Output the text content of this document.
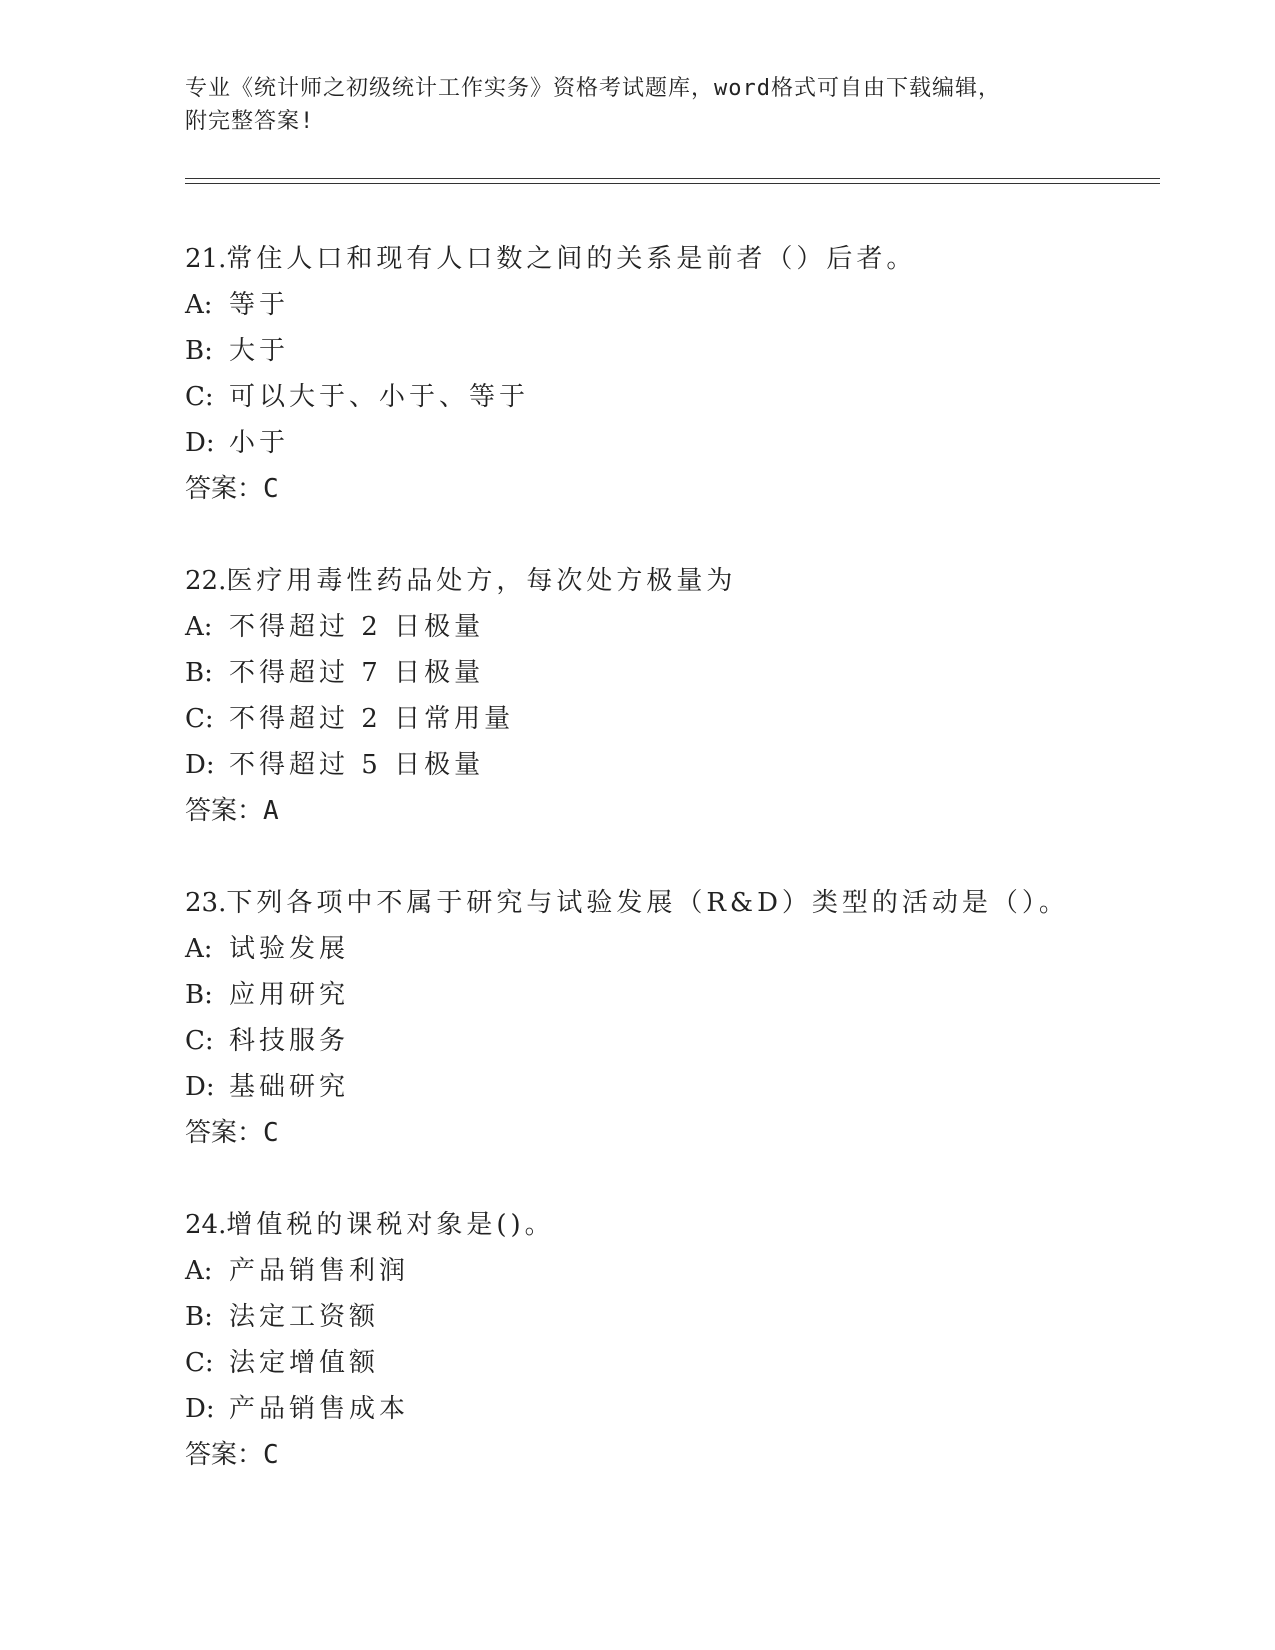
专业《统计师之初级统计工作实务》资格考试题库，word格式可自由下载编辑，
附完整答案!
21.常住人口和现有人口数之间的关系是前者（）后者。
A: 等于
B: 大于
C: 可以大于、小于、等于
D: 小于
答案：C
22.医疗用毒性药品处方，每次处方极量为
A: 不得超过 2 日极量
B: 不得超过 7 日极量
C: 不得超过 2 日常用量
D: 不得超过 5 日极量
答案：A
23.下列各项中不属于研究与试验发展（R&D）类型的活动是（）。
A: 试验发展
B: 应用研究
C: 科技服务
D: 基础研究
答案：C
24.增值税的课税对象是()。
A: 产品销售利润
B: 法定工资额
C: 法定增值额
D: 产品销售成本
答案：C
